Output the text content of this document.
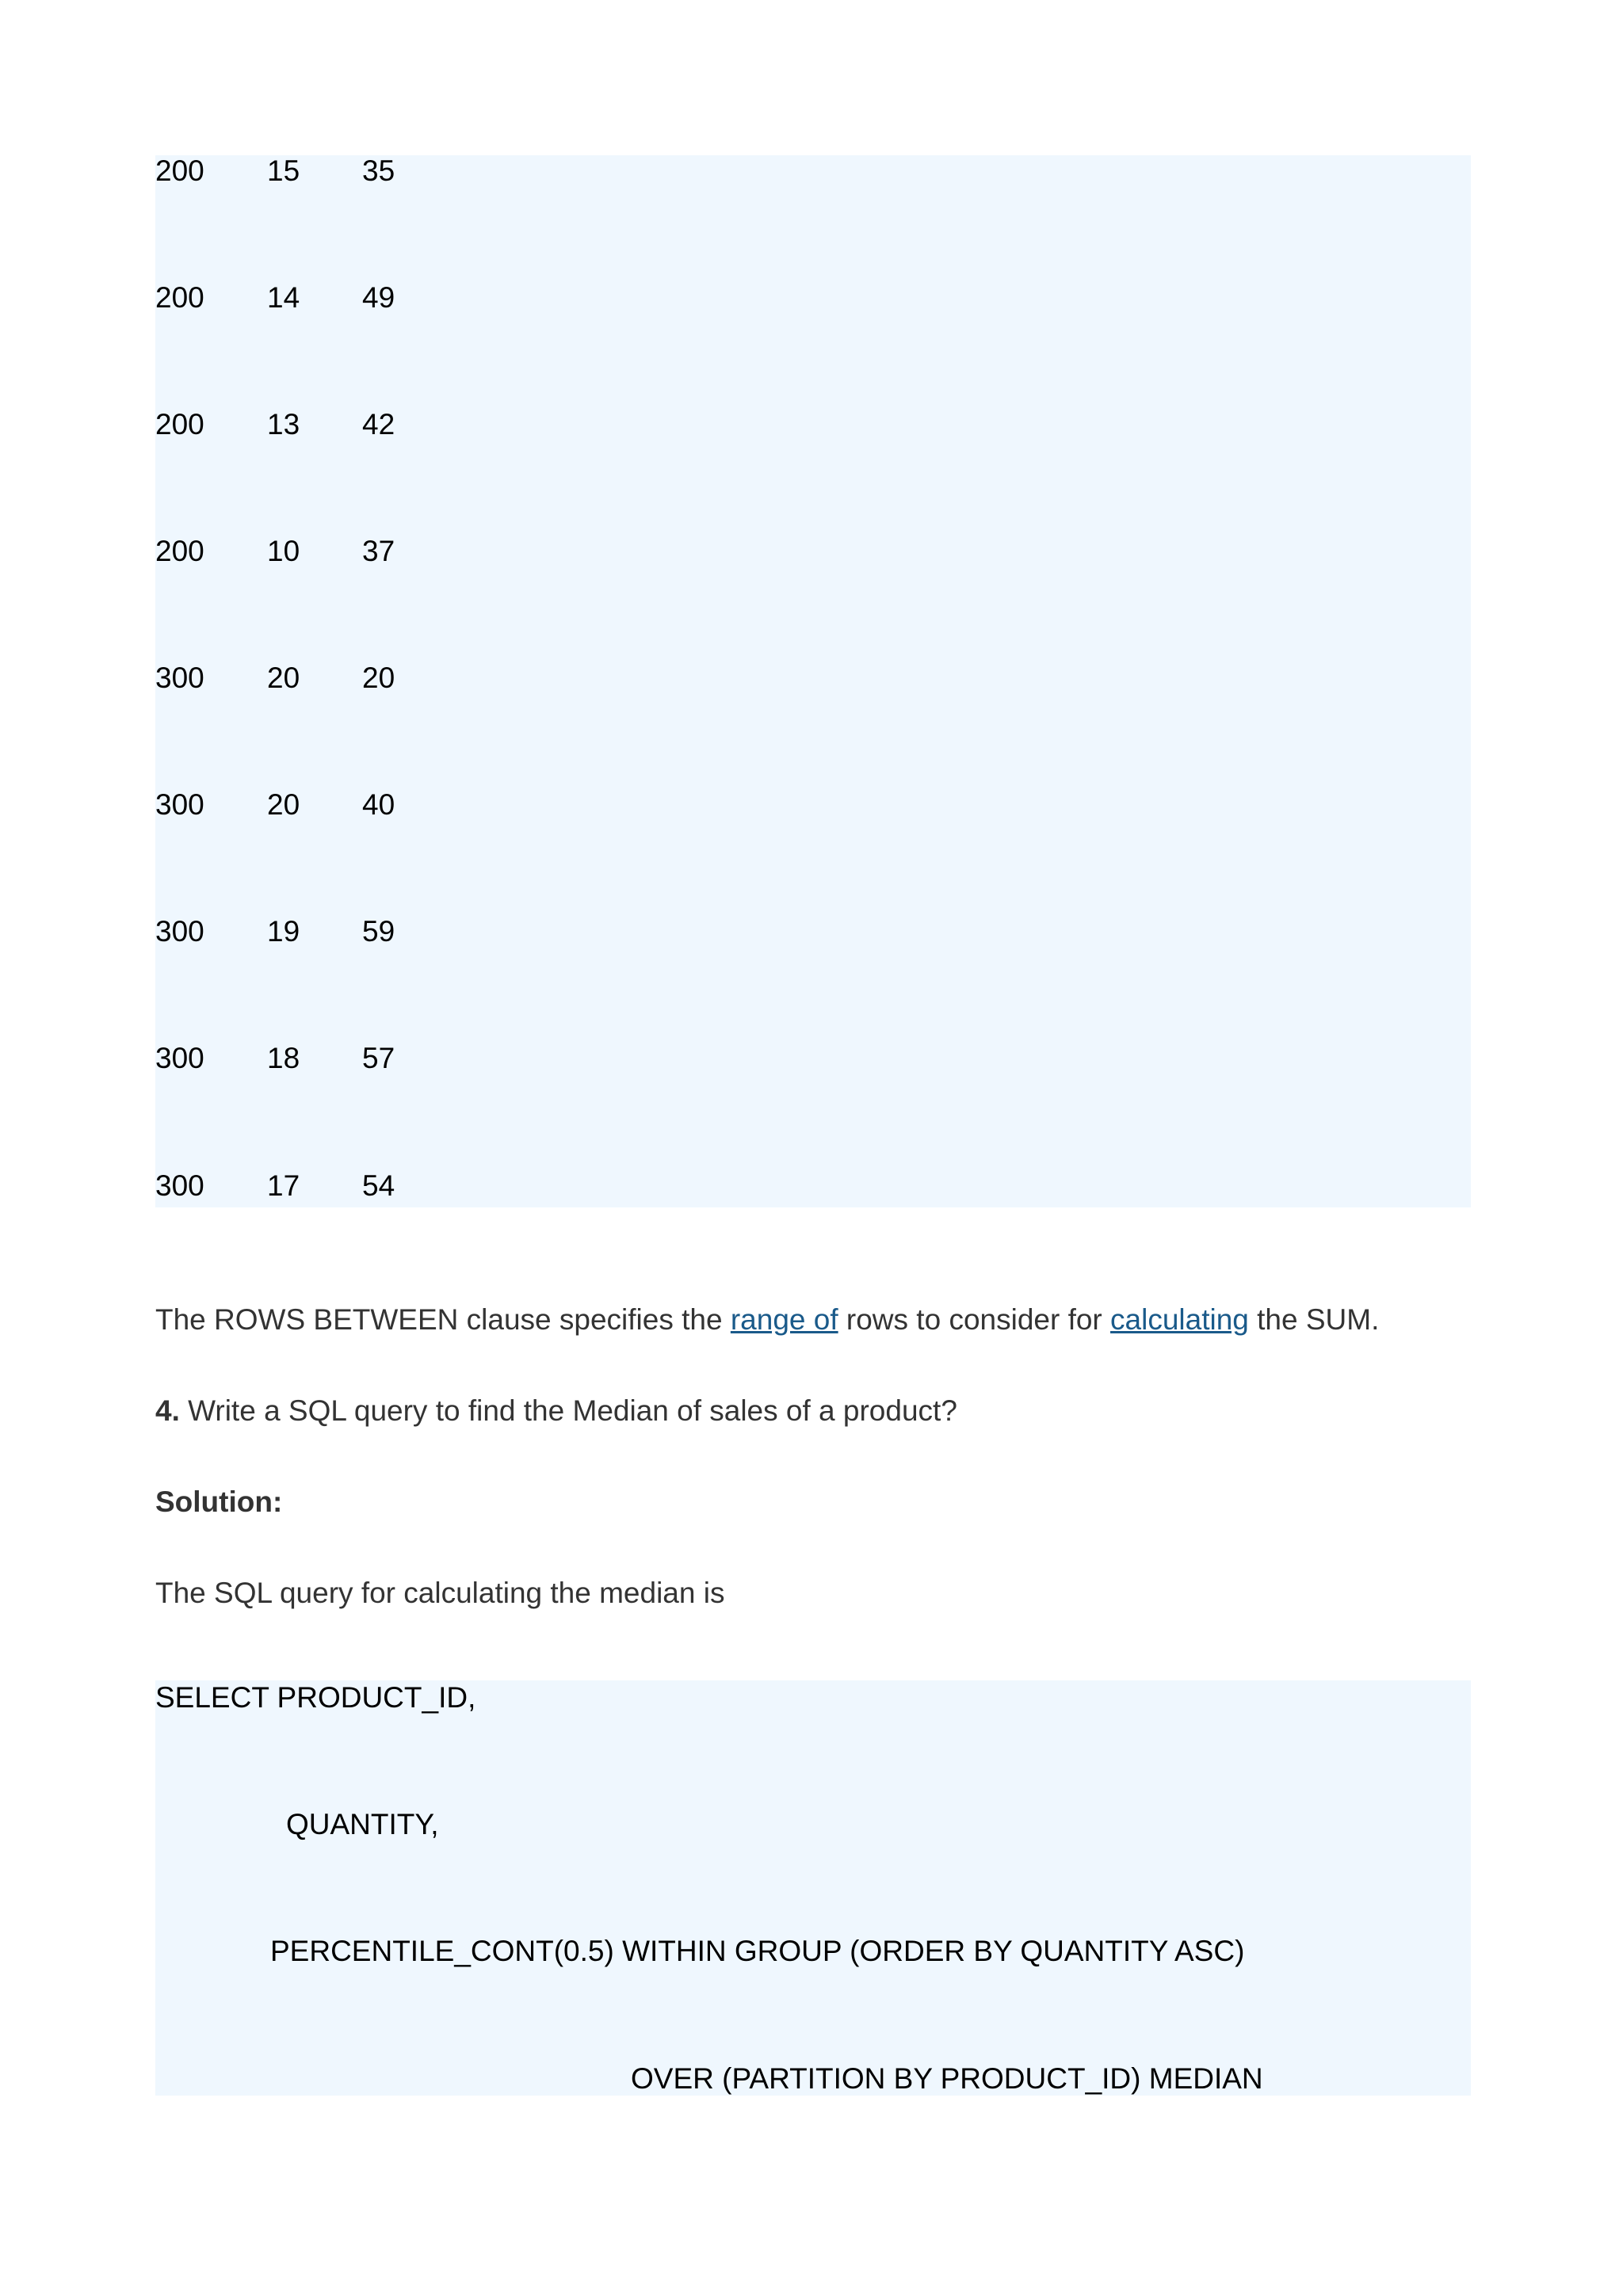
200 15 35
200 14 49
200 13 42
200 10 37
300 20 20
300 20 40
300 19 59
300 18 57
300 17 54

The ROWS BETWEEN clause specifies the range of rows to consider for calculating the SUM.

4. Write a SQL query to find the Median of sales of a product?

Solution:

The SQL query for calculating the median is

SELECT PRODUCT_ID,
QUANTITY,
PERCENTILE_CONT(0.5) WITHIN GROUP (ORDER BY QUANTITY ASC)
OVER (PARTITION BY PRODUCT_ID) MEDIAN
